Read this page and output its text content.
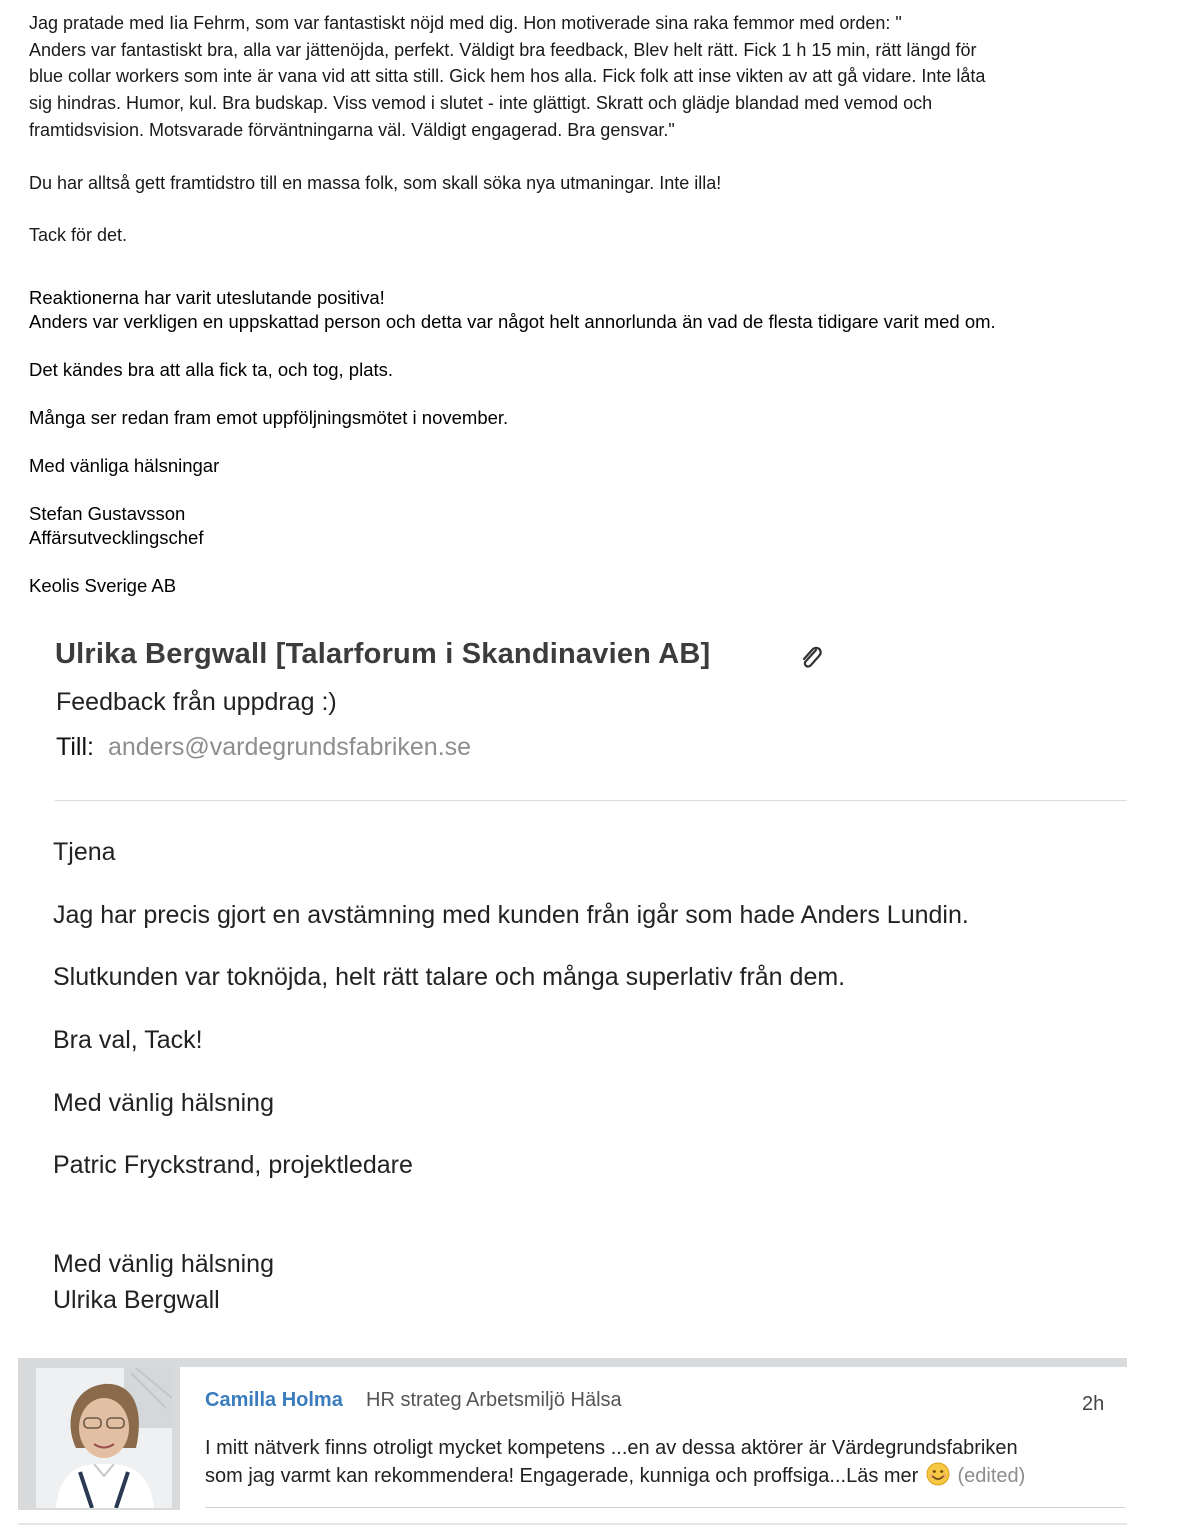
Jag pratade med Iia Fehrm, som var fantastiskt nöjd med dig. Hon motiverade sina raka femmor med orden: "

Anders var fantastiskt bra, alla var jättenöjda, perfekt. Väldigt bra feedback, Blev helt rätt. Fick 1 h 15 min, rätt längd för

blue collar workers som inte är vana vid att sitta still. Gick hem hos alla. Fick folk att inse vikten av att gå vidare. Inte låta

sig hindras. Humor, kul. Bra budskap. Viss vemod i slutet - inte glättigt. Skratt och glädje blandad med vemod och

framtidsvision. Motsvarade förväntningarna väl. Väldigt engagerad. Bra gensvar."

Du har alltså gett framtidstro till en massa folk, som skall söka nya utmaningar. Inte illa!

Tack för det.

Reaktionerna har varit uteslutande positiva!

Anders var verkligen en uppskattad person och detta var något helt annorlunda än vad de flesta tidigare varit med om.

Det kändes bra att alla fick ta, och tog, plats.

Många ser redan fram emot uppföljningsmötet i november.

Med vänliga hälsningar

Stefan Gustavsson

Affärsutvecklingschef

Keolis Sverige AB

Ulrika Bergwall [Talarforum i Skandinavien AB]
Feedback från uppdrag :)
Till: anders@vardegrundsfabriken.se

Tjena

Jag har precis gjort en avstämning med kunden från igår som hade Anders Lundin.

Slutkunden var toknöjda, helt rätt talare och många superlativ från dem.

Bra val, Tack!

Med vänlig hälsning

Patric Fryckstrand, projektledare

Med vänlig hälsning

Ulrika Bergwall

Camilla Holma HR strateg Arbetsmiljö Hälsa	2h

I mitt nätverk finns otroligt mycket kompetens ...en av dessa aktörer är Värdegrundsfabriken

som jag varmt kan rekommendera! Engagerade, kunniga och proffsiga...Läs mer (edited)
